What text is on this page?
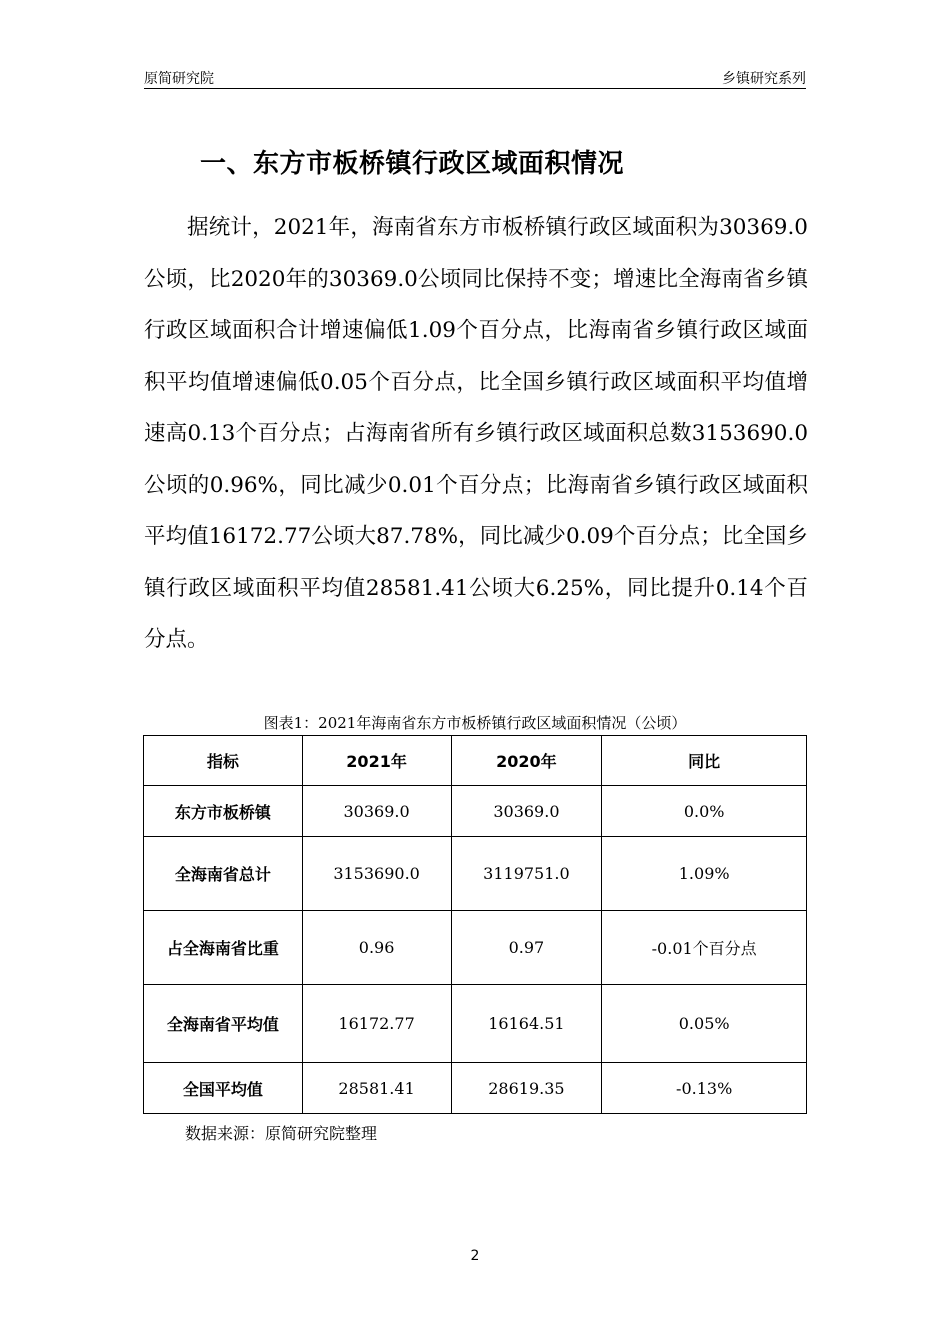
原简研究院	乡镇研究系列
一、东方市板桥镇行政区域面积情况

据统计，2021年，海南省东方市板桥镇行政区域面积为30369.0公顷，比2020年的30369.0公顷同比保持不变；增速比全海南省乡镇行政区域面积合计增速偏低1.09个百分点，比海南省乡镇行政区域面积平均值增速偏低0.05个百分点，比全国乡镇行政区域面积平均值增速高0.13个百分点；占海南省所有乡镇行政区域面积总数3153690.0公顷的0.96%，同比减少0.01个百分点；比海南省乡镇行政区域面积平均值16172.77公顷大87.78%，同比减少0.09个百分点；比全国乡镇行政区域面积平均值28581.41公顷大6.25%，同比提升0.14个百分点。

图表1：2021年海南省东方市板桥镇行政区域面积情况（公顷）
指标	2021年	2020年	同比
东方市板桥镇	30369.0	30369.0	0.0%
全海南省总计	3153690.0	3119751.0	1.09%
占全海南省比重	0.96	0.97	-0.01个百分点
全海南省平均值	16172.77	16164.51	0.05%
全国平均值	28581.41	28619.35	-0.13%
数据来源：原简研究院整理
2
